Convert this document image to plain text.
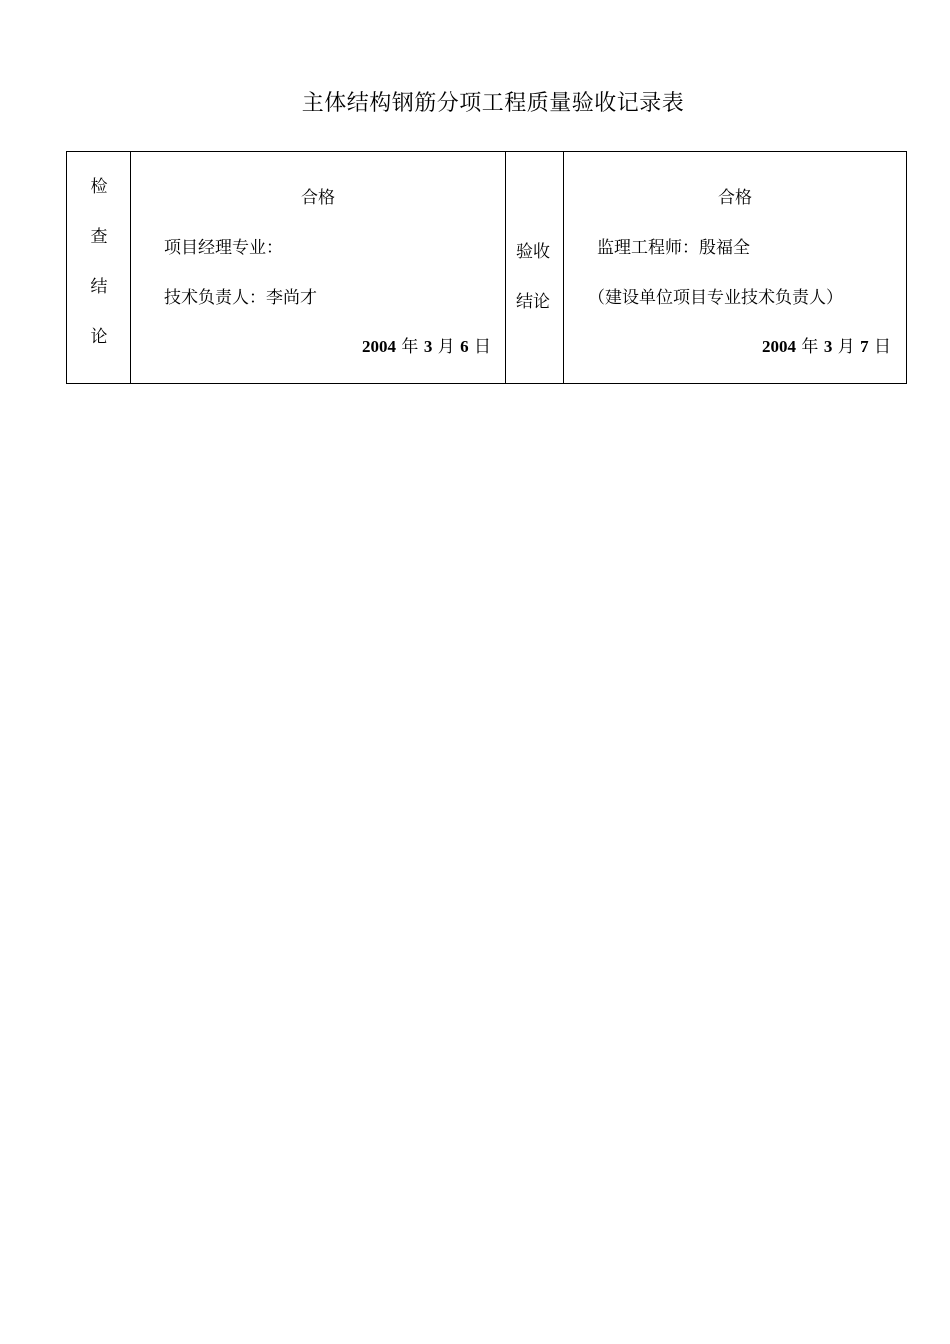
主体结构钢筋分项工程质量验收记录表
检
查
结
论
合格
项目经理专业：
技术负责人：李尚才
2004 年 3 月 6 日
验收
结论
合格
监理工程师：殷福全
（建设单位项目专业技术负责人）
2004 年 3 月 7 日
